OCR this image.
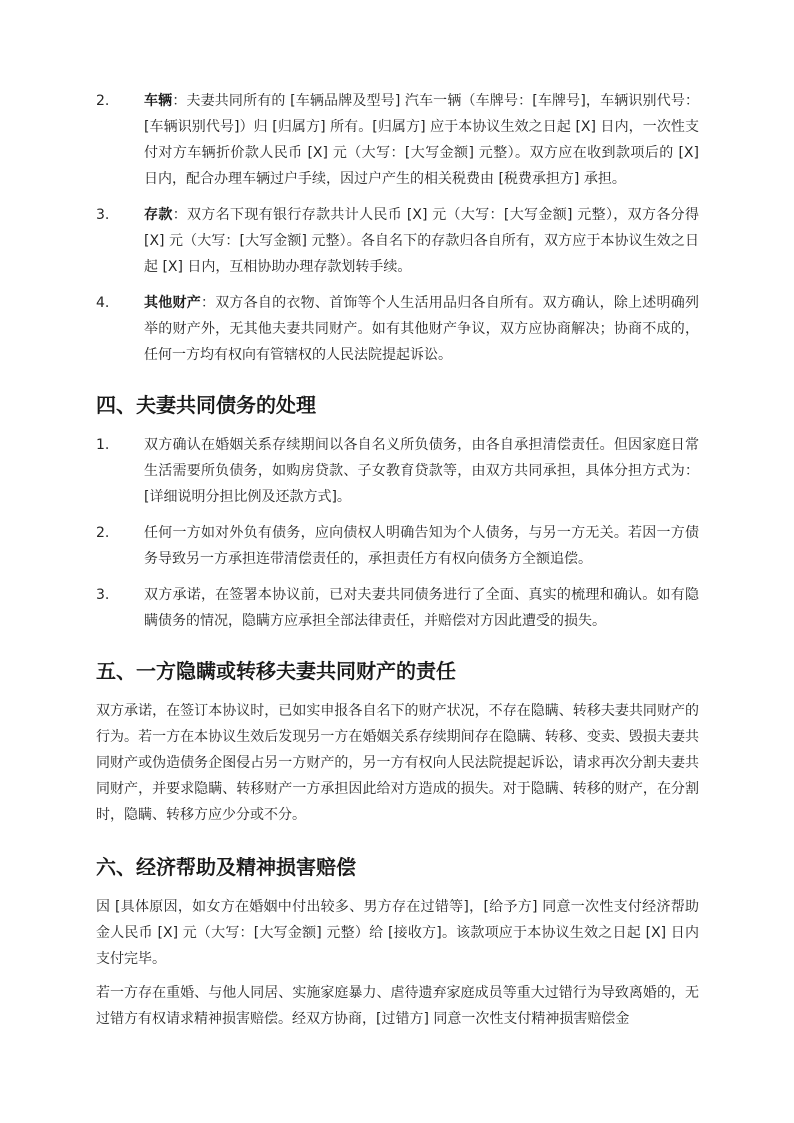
2.	车辆：夫妻共同所有的 [车辆品牌及型号] 汽车一辆（车牌号：[车牌号]，车辆识别代号：[车辆识别代号]）归 [归属方] 所有。[归属方] 应于本协议生效之日起 [X] 日内，一次性支付对方车辆折价款人民币 [X] 元（大写：[大写金额] 元整）。双方应在收到款项后的 [X] 日内，配合办理车辆过户手续，因过户产生的相关税费由 [税费承担方] 承担。
3.	存款：双方名下现有银行存款共计人民币 [X] 元（大写：[大写金额] 元整），双方各分得 [X] 元（大写：[大写金额] 元整）。各自名下的存款归各自所有，双方应于本协议生效之日起 [X] 日内，互相协助办理存款划转手续。
4.	其他财产：双方各自的衣物、首饰等个人生活用品归各自所有。双方确认，除上述明确列举的财产外，无其他夫妻共同财产。如有其他财产争议，双方应协商解决；协商不成的，任何一方均有权向有管辖权的人民法院提起诉讼。
四、夫妻共同债务的处理
1.	双方确认在婚姻关系存续期间以各自名义所负债务，由各自承担清偿责任。但因家庭日常生活需要所负债务，如购房贷款、子女教育贷款等，由双方共同承担，具体分担方式为：[详细说明分担比例及还款方式]。
2.	任何一方如对外负有债务，应向债权人明确告知为个人债务，与另一方无关。若因一方债务导致另一方承担连带清偿责任的，承担责任方有权向债务方全额追偿。
3.	双方承诺，在签署本协议前，已对夫妻共同债务进行了全面、真实的梳理和确认。如有隐瞒债务的情况，隐瞒方应承担全部法律责任，并赔偿对方因此遭受的损失。
五、一方隐瞒或转移夫妻共同财产的责任

双方承诺，在签订本协议时，已如实申报各自名下的财产状况，不存在隐瞒、转移夫妻共同财产的行为。若一方在本协议生效后发现另一方在婚姻关系存续期间存在隐瞒、转移、变卖、毁损夫妻共同财产或伪造债务企图侵占另一方财产的，另一方有权向人民法院提起诉讼，请求再次分割夫妻共同财产，并要求隐瞒、转移财产一方承担因此给对方造成的损失。对于隐瞒、转移的财产，在分割时，隐瞒、转移方应少分或不分。

六、经济帮助及精神损害赔偿

因 [具体原因，如女方在婚姻中付出较多、男方存在过错等]，[给予方] 同意一次性支付经济帮助金人民币 [X] 元（大写：[大写金额] 元整）给 [接收方]。该款项应于本协议生效之日起 [X] 日内支付完毕。

若一方存在重婚、与他人同居、实施家庭暴力、虐待遗弃家庭成员等重大过错行为导致离婚的，无过错方有权请求精神损害赔偿。经双方协商，[过错方] 同意一次性支付精神损害赔偿金
